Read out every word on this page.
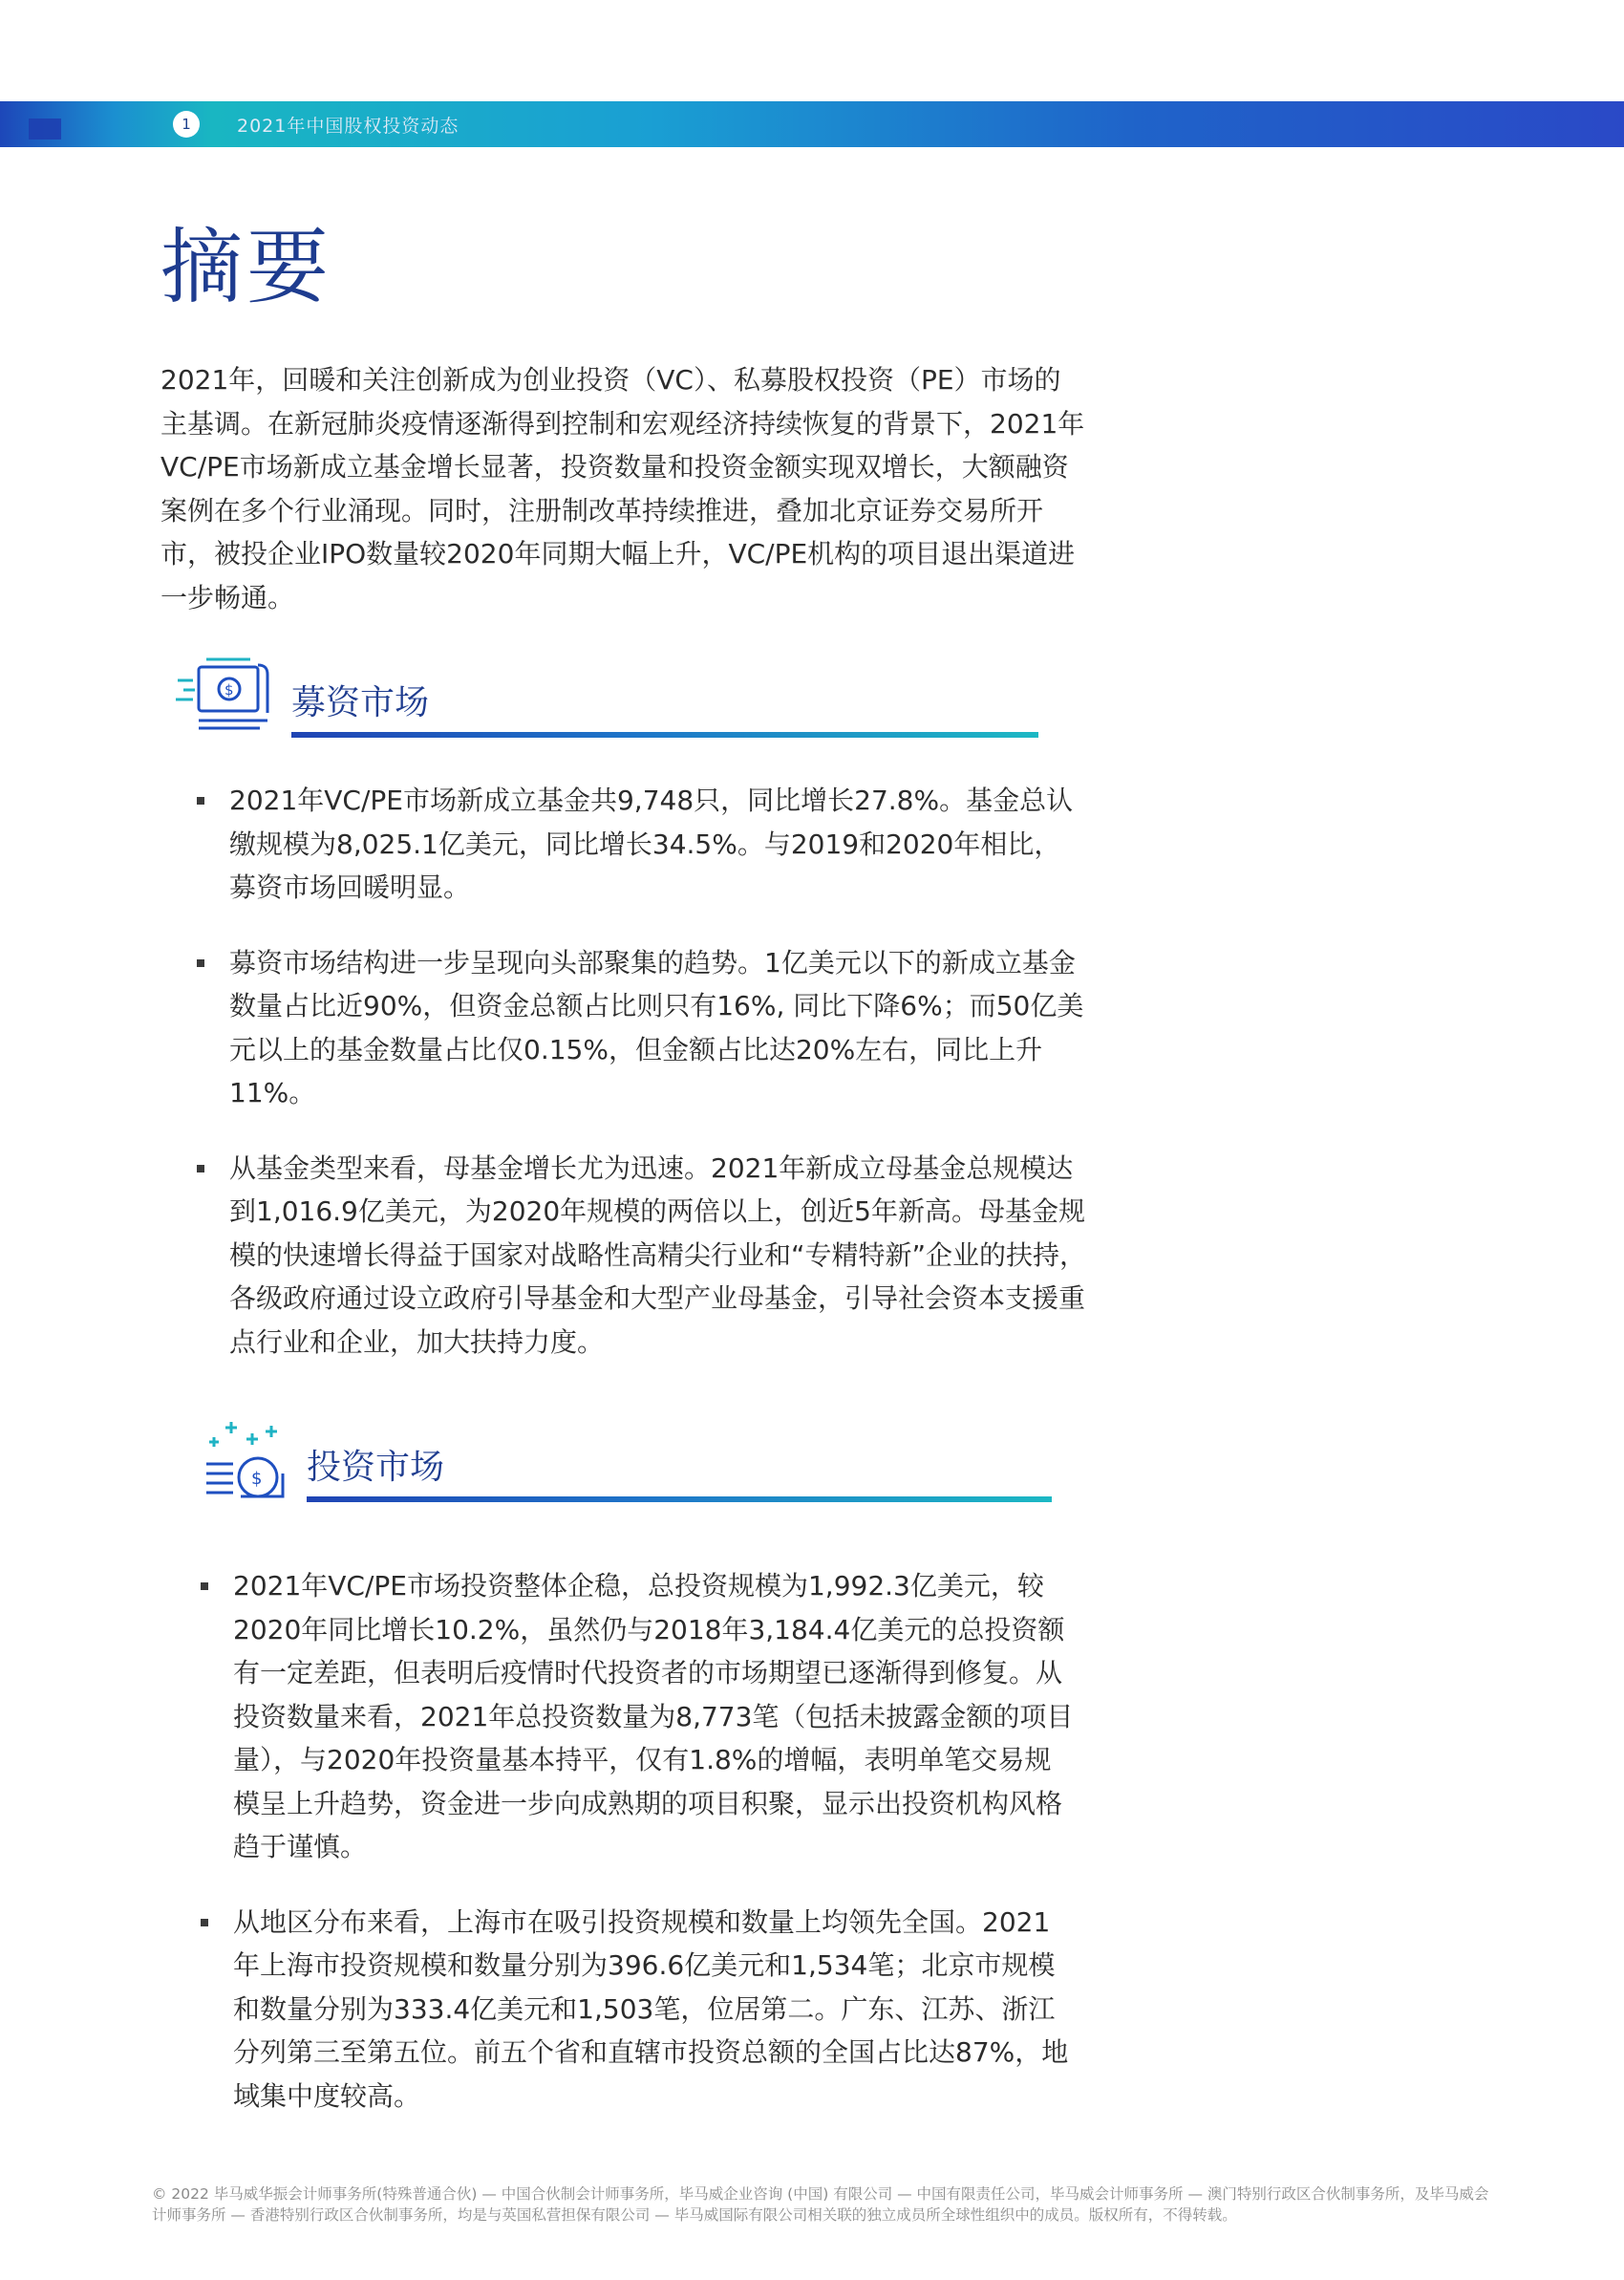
1	2021年中国股权投资动态
摘要

2021年，回暖和关注创新成为创业投资（VC）、私募股权投资（PE）市场的主基调。在新冠肺炎疫情逐渐得到控制和宏观经济持续恢复的背景下，2021年VC/PE市场新成立基金增长显著，投资数量和投资金额实现双增长，大额融资案例在多个行业涌现。同时，注册制改革持续推进，叠加北京证券交易所开市，被投企业IPO数量较2020年同期大幅上升，VC/PE机构的项目退出渠道进一步畅通。

$ 募资市场
2021年VC/PE市场新成立基金共9,748只，同比增长27.8%。基金总认缴规模为8,025.1亿美元，同比增长34.5%。与2019和2020年相比，募资市场回暖明显。
募资市场结构进一步呈现向头部聚集的趋势。1亿美元以下的新成立基金数量占比近90%，但资金总额占比则只有16%, 同比下降6%；而50亿美元以上的基金数量占比仅0.15%，但金额占比达20%左右，同比上升11%。
从基金类型来看，母基金增长尤为迅速。2021年新成立母基金总规模达到1,016.9亿美元，为2020年规模的两倍以上，创近5年新高。母基金规模的快速增长得益于国家对战略性高精尖行业和“专精特新”企业的扶持，各级政府通过设立政府引导基金和大型产业母基金，引导社会资本支援重点行业和企业，加大扶持力度。
$ 投资市场
2021年VC/PE市场投资整体企稳，总投资规模为1,992.3亿美元，较2020年同比增长10.2%，虽然仍与2018年3,184.4亿美元的总投资额有一定差距，但表明后疫情时代投资者的市场期望已逐渐得到修复。从投资数量来看，2021年总投资数量为8,773笔（包括未披露金额的项目量），与2020年投资量基本持平，仅有1.8%的增幅，表明单笔交易规模呈上升趋势，资金进一步向成熟期的项目积聚，显示出投资机构风格趋于谨慎。
从地区分布来看，上海市在吸引投资规模和数量上均领先全国。2021年上海市投资规模和数量分别为396.6亿美元和1,534笔；北京市规模和数量分别为333.4亿美元和1,503笔，位居第二。广东、江苏、浙江分列第三至第五位。前五个省和直辖市投资总额的全国占比达87%，地域集中度较高。

© 2022 毕马威华振会计师事务所(特殊普通合伙) — 中国合伙制会计师事务所，毕马威企业咨询 (中国) 有限公司 — 中国有限责任公司，毕马威会计师事务所 — 澳门特别行政区合伙制事务所，及毕马威会计师事务所 — 香港特别行政区合伙制事务所，均是与英国私营担保有限公司 — 毕马威国际有限公司相关联的独立成员所全球性组织中的成员。版权所有，不得转载。
